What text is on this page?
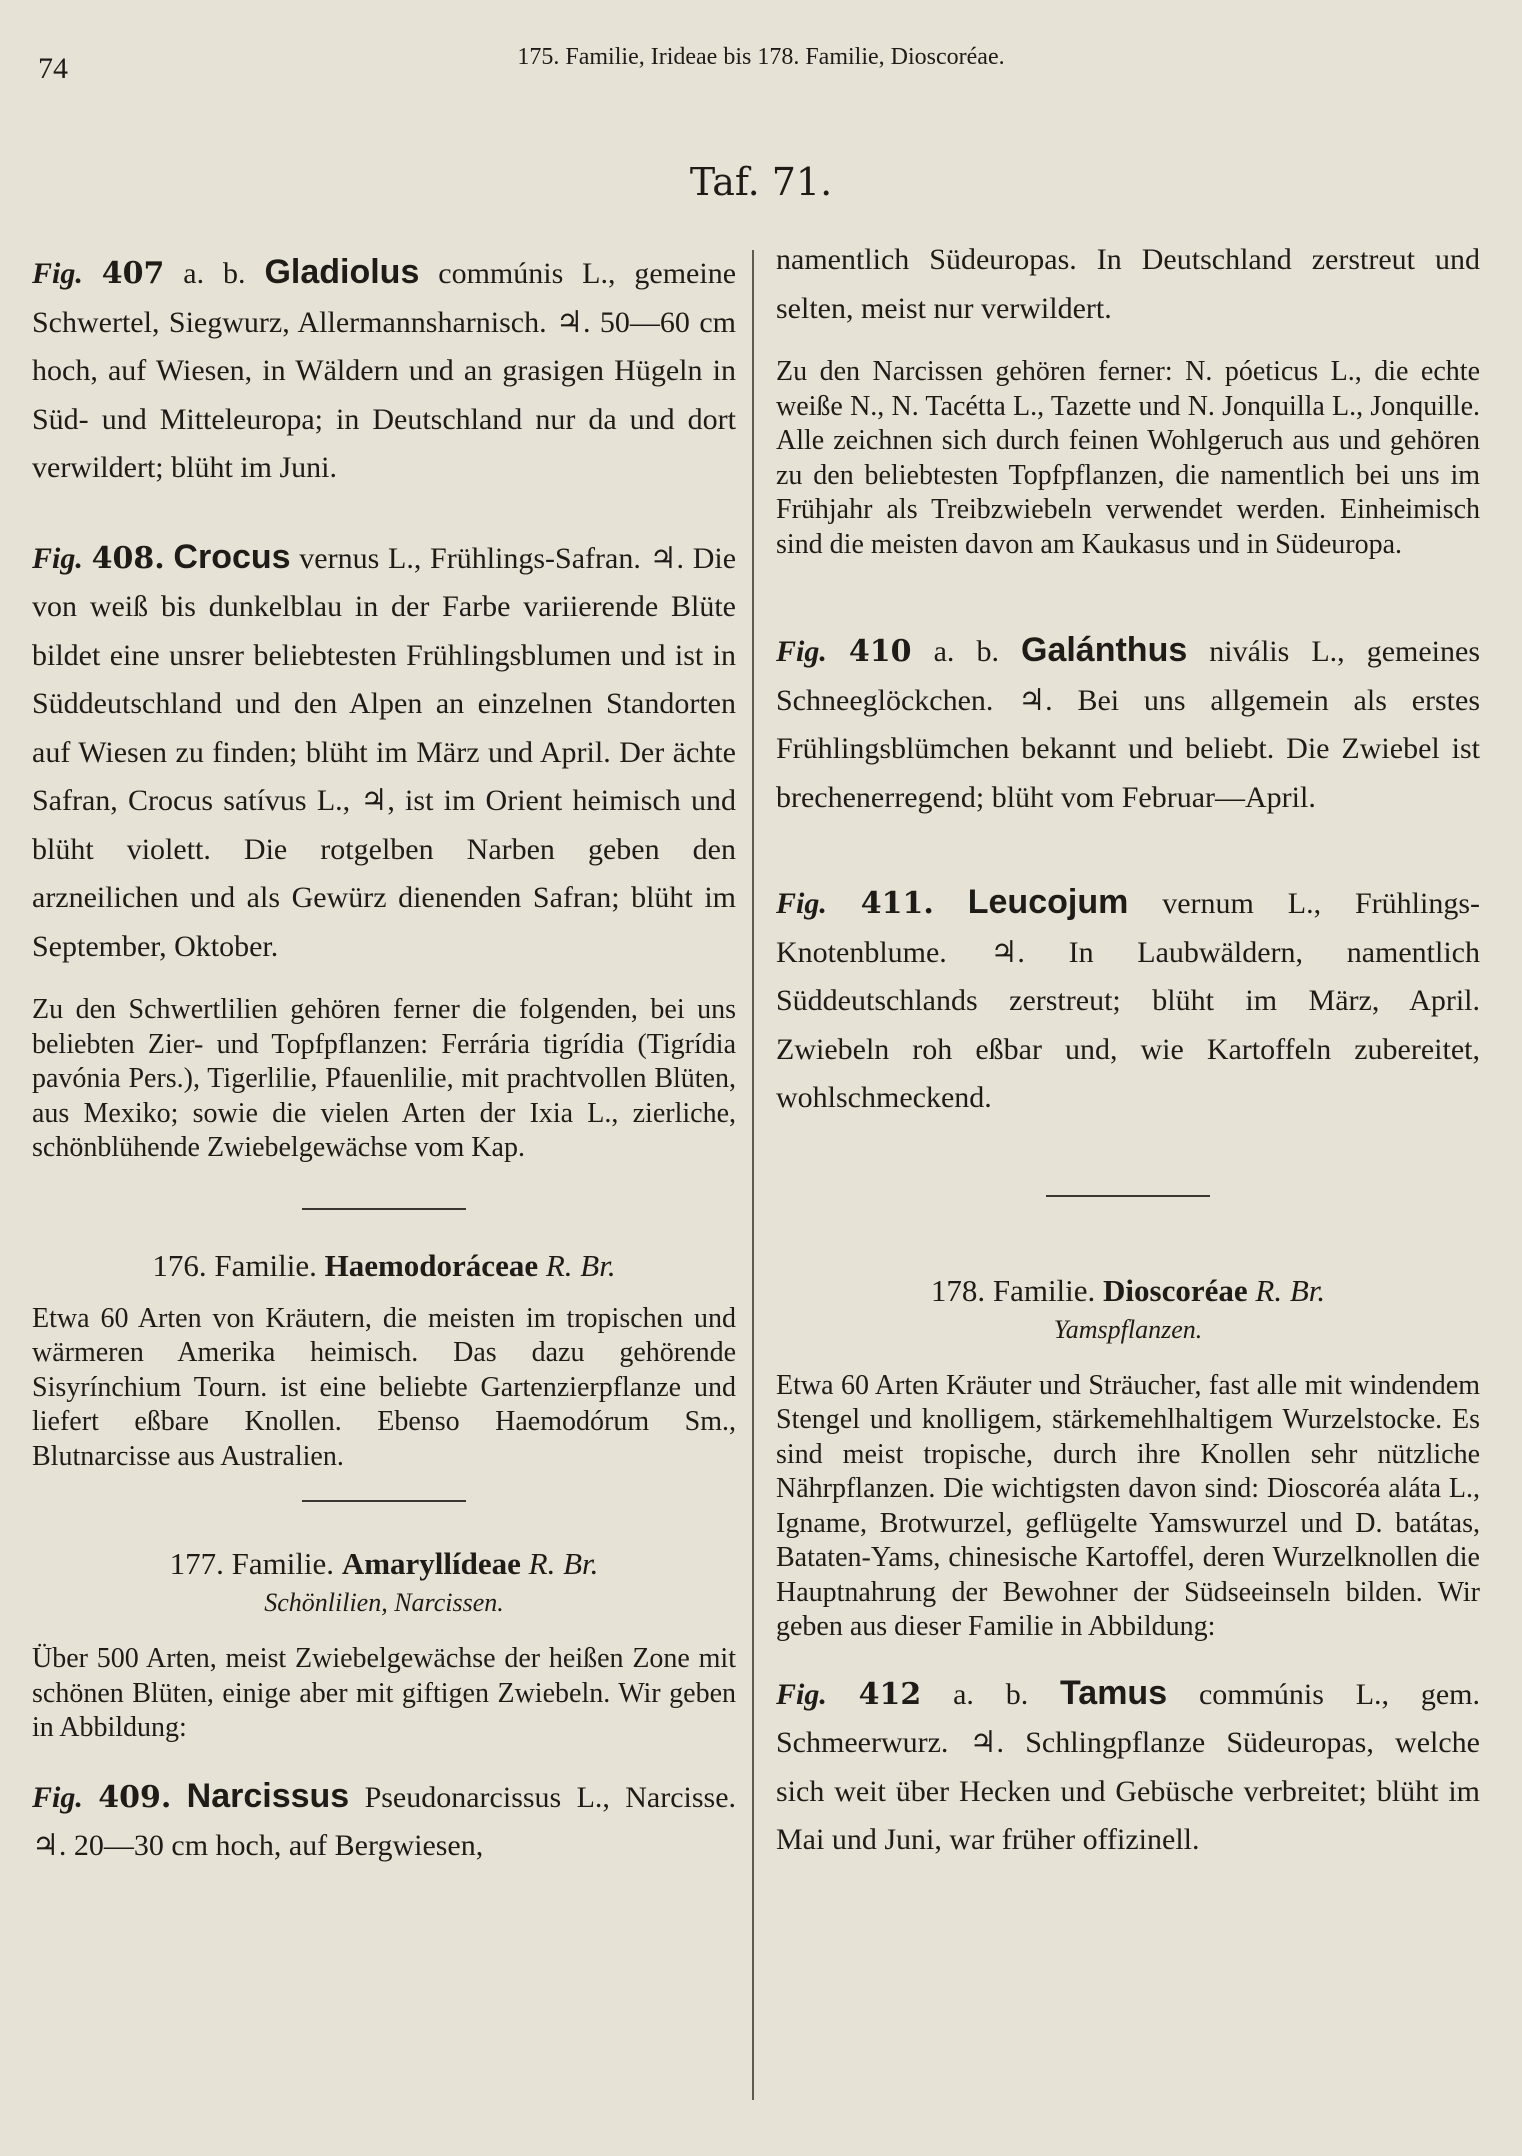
74	175. Familie, Irideae bis 178. Familie, Dioscoréae.
Taf. 71.

Fig. 407 a. b. Gladiolus commúnis L., gemeine Schwertel, Siegwurz, Allermannsharnisch. ♃. 50—60 cm hoch, auf Wiesen, in Wäldern und an grasigen Hügeln in Süd- und Mitteleuropa; in Deutschland nur da und dort verwildert; blüht im Juni.

Fig. 408. Crocus vernus L., Frühlings-Safran. ♃. Die von weiß bis dunkelblau in der Farbe variierende Blüte bildet eine unsrer beliebtesten Frühlingsblumen und ist in Süddeutschland und den Alpen an einzelnen Standorten auf Wiesen zu finden; blüht im März und April. Der ächte Safran, Crocus satívus L., ♃, ist im Orient heimisch und blüht violett. Die rotgelben Narben geben den arzneilichen und als Gewürz dienenden Safran; blüht im September, Oktober.

Zu den Schwertlilien gehören ferner die folgenden, bei uns beliebten Zier- und Topfpflanzen: Ferrária tigrídia (Tigrídia pavónia Pers.), Tigerlilie, Pfauenlilie, mit prachtvollen Blüten, aus Mexiko; sowie die vielen Arten der Ixia L., zierliche, schönblühende Zwiebelgewächse vom Kap.

176. Familie. Haemodoráceae R. Br.

Etwa 60 Arten von Kräutern, die meisten im tropischen und wärmeren Amerika heimisch. Das dazu gehörende Sisyrínchium Tourn. ist eine beliebte Gartenzierpflanze und liefert eßbare Knollen. Ebenso Haemodórum Sm., Blutnarcisse aus Australien.

177. Familie. Amaryllídeae R. Br.
Schönlilien, Narcissen.

Über 500 Arten, meist Zwiebelgewächse der heißen Zone mit schönen Blüten, einige aber mit giftigen Zwiebeln. Wir geben in Abbildung:

Fig. 409. Narcissus Pseudonarcissus L., Narcisse. ♃. 20—30 cm hoch, auf Bergwiesen,

namentlich Südeuropas. In Deutschland zerstreut und selten, meist nur verwildert.

Zu den Narcissen gehören ferner: N. póeticus L., die echte weiße N., N. Tacétta L., Tazette und N. Jonquilla L., Jonquille. Alle zeichnen sich durch feinen Wohlgeruch aus und gehören zu den beliebtesten Topfpflanzen, die namentlich bei uns im Frühjahr als Treibzwiebeln verwendet werden. Einheimisch sind die meisten davon am Kaukasus und in Südeuropa.

Fig. 410 a. b. Galánthus nivális L., gemeines Schneeglöckchen. ♃. Bei uns allgemein als erstes Frühlingsblümchen bekannt und beliebt. Die Zwiebel ist brechenerregend; blüht vom Februar—April.

Fig. 411. Leucojum vernum L., Frühlings-Knotenblume. ♃. In Laubwäldern, namentlich Süddeutschlands zerstreut; blüht im März, April. Zwiebeln roh eßbar und, wie Kartoffeln zubereitet, wohlschmeckend.

178. Familie. Dioscoréae R. Br.
Yamspflanzen.

Etwa 60 Arten Kräuter und Sträucher, fast alle mit windendem Stengel und knolligem, stärkemehlhaltigem Wurzelstocke. Es sind meist tropische, durch ihre Knollen sehr nützliche Nährpflanzen. Die wichtigsten davon sind: Dioscoréa aláta L., Igname, Brotwurzel, geflügelte Yamswurzel und D. batátas, Bataten-Yams, chinesische Kartoffel, deren Wurzelknollen die Hauptnahrung der Bewohner der Südseeinseln bilden. Wir geben aus dieser Familie in Abbildung:

Fig. 412 a. b. Tamus commúnis L., gem. Schmeerwurz. ♃. Schlingpflanze Südeuropas, welche sich weit über Hecken und Gebüsche verbreitet; blüht im Mai und Juni, war früher offizinell.
